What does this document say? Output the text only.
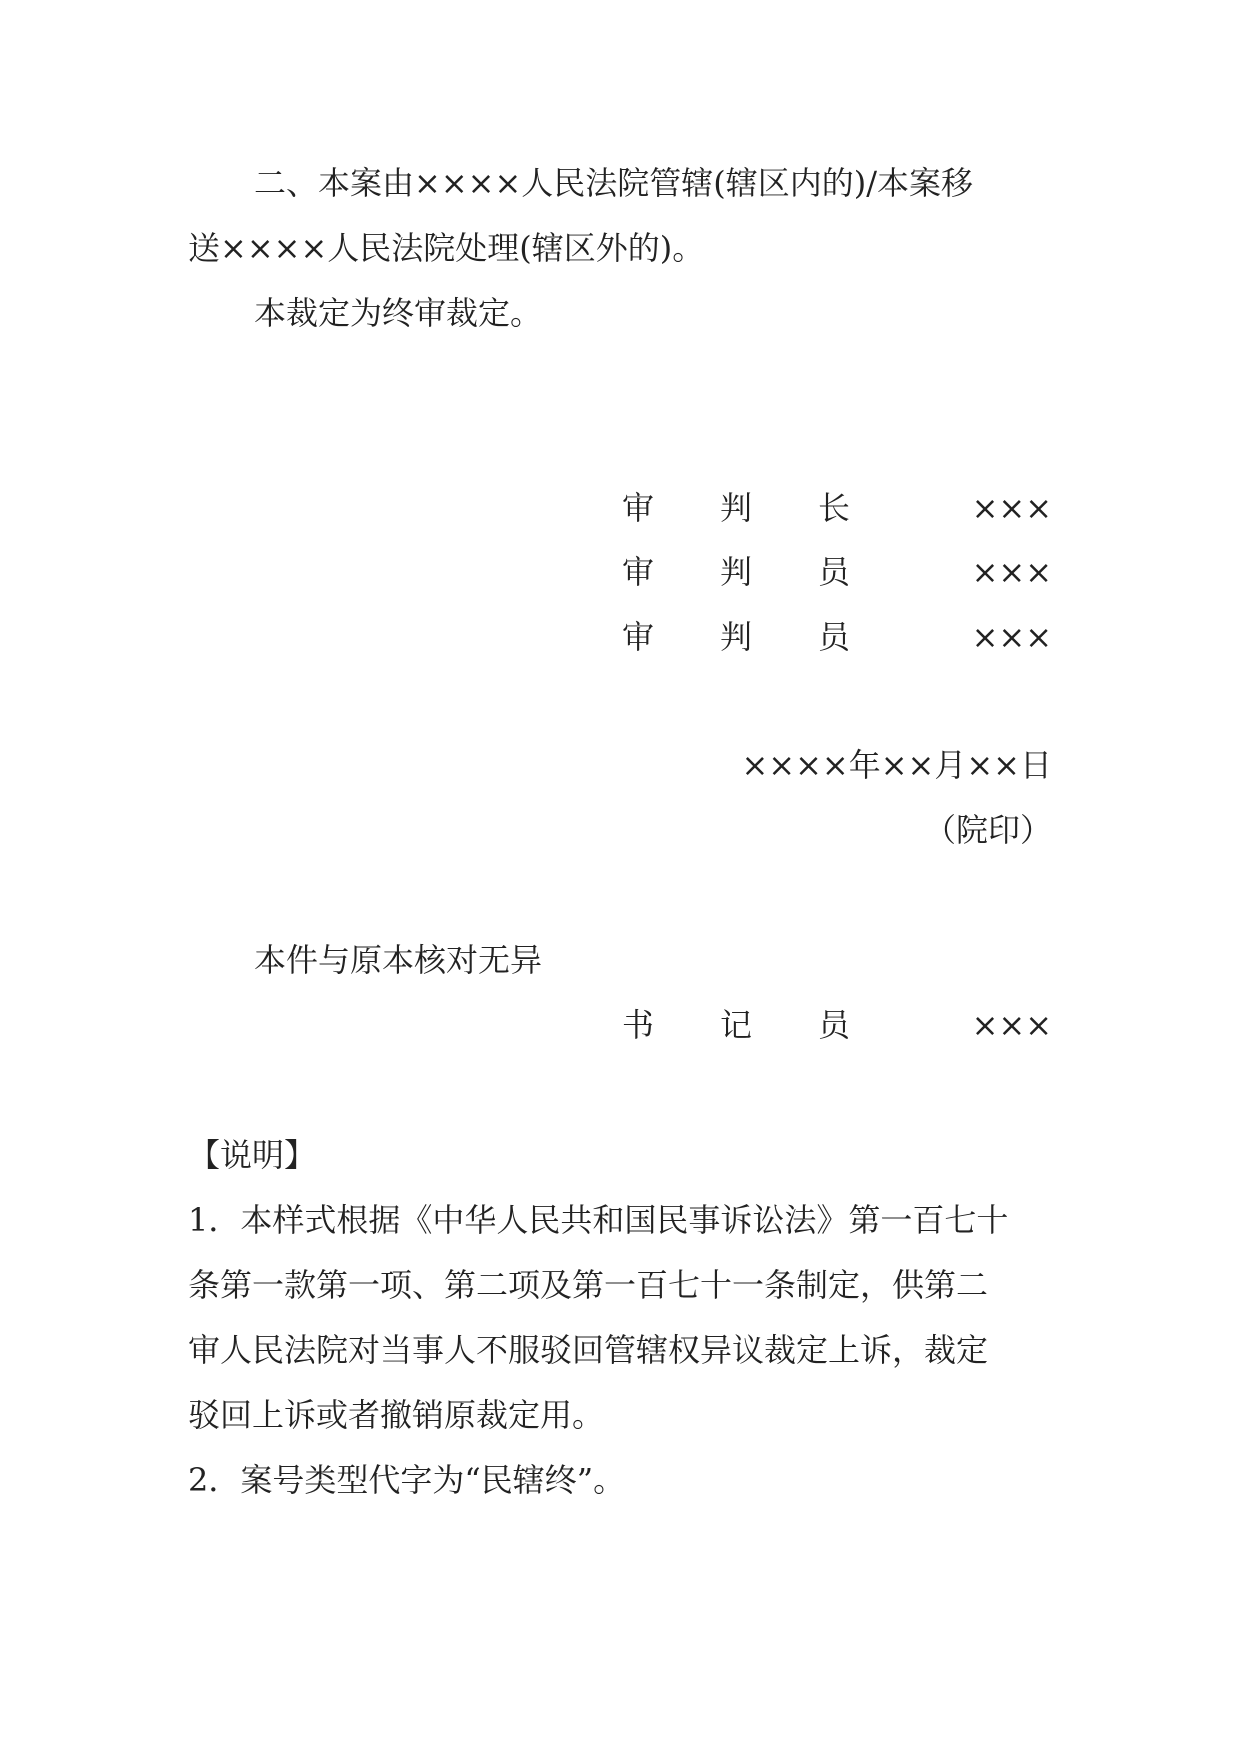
二、本案由××××人民法院管辖(辖区内的)/本案移

送××××人民法院处理(辖区外的)。

本裁定为终审裁定。

审 判 长	×××
审 判 员	×××
审 判 员	×××

××××年××月××日

（院印）

本件与原本核对无异

书 记 员	×××

【说明】

1．本样式根据《中华人民共和国民事诉讼法》第一百七十

条第一款第一项、第二项及第一百七十一条制定，供第二

审人民法院对当事人不服驳回管辖权异议裁定上诉，裁定

驳回上诉或者撤销原裁定用。

2．案号类型代字为“民辖终”。
